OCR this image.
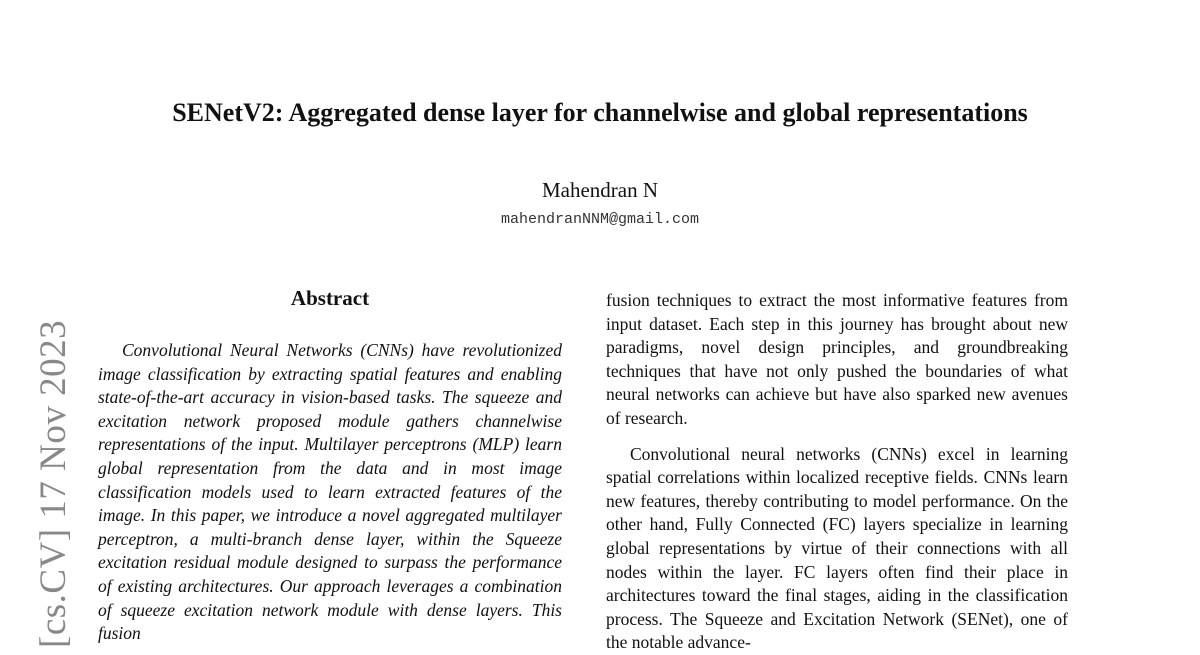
[cs.CV] 17 Nov 2023
SENetV2: Aggregated dense layer for channelwise and global representations
Mahendran N
mahendranNNM@gmail.com
Abstract

Convolutional Neural Networks (CNNs) have revolutionized image classification by extracting spatial features and enabling state-of-the-art accuracy in vision-based tasks. The squeeze and excitation network proposed module gathers channelwise representations of the input. Multilayer perceptrons (MLP) learn global representation from the data and in most image classification models used to learn extracted features of the image. In this paper, we introduce a novel aggregated multilayer perceptron, a multi-branch dense layer, within the Squeeze excitation residual module designed to surpass the performance of existing architectures. Our approach leverages a combination of squeeze excitation network module with dense layers. This fusion

fusion techniques to extract the most informative features from input dataset. Each step in this journey has brought about new paradigms, novel design principles, and groundbreaking techniques that have not only pushed the boundaries of what neural networks can achieve but have also sparked new avenues of research.

Convolutional neural networks (CNNs) excel in learning spatial correlations within localized receptive fields. CNNs learn new features, thereby contributing to model performance. On the other hand, Fully Connected (FC) layers specialize in learning global representations by virtue of their connections with all nodes within the layer. FC layers often find their place in architectures toward the final stages, aiding in the classification process. The Squeeze and Excitation Network (SENet), one of the notable advance-
